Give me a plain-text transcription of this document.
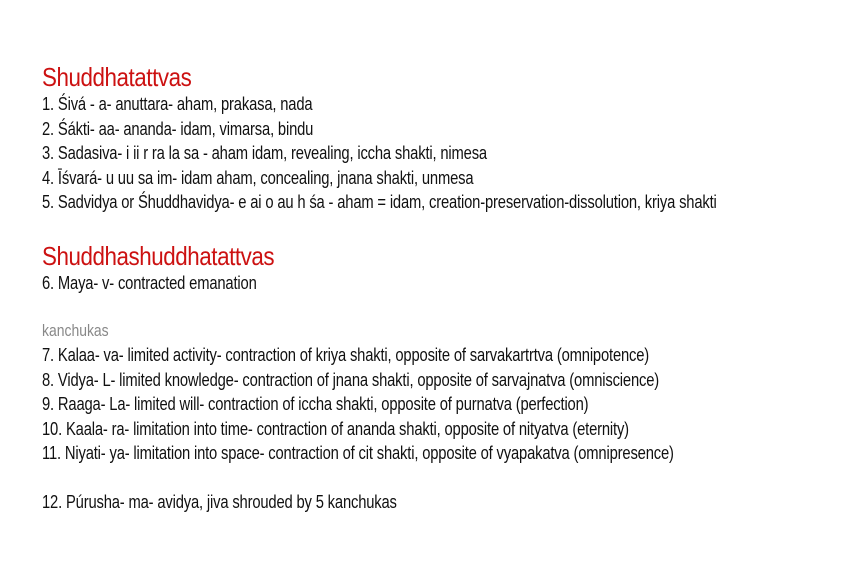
Shuddhatattvas

1. Śivá - a- anuttara- aham, prakasa, nada

2. Śákti- aa- ananda- idam, vimarsa, bindu

3. Sadasiva- i ii r ra la sa - aham idam, revealing, iccha shakti, nimesa

4. Īśvará- u uu sa im- idam aham, concealing, jnana shakti, unmesa

5. Sadvidya or Śhuddhavidya- e ai o au h śa - aham = idam, creation-preservation-dissolution, kriya shakti

Shuddhashuddhatattvas

6. Maya- v- contracted emanation

kanchukas

7. Kalaa- va- limited activity- contraction of kriya shakti, opposite of sarvakartrtva (omnipotence)

8. Vidya- L- limited knowledge- contraction of jnana shakti, opposite of sarvajnatva (omniscience)

9. Raaga- La- limited will- contraction of iccha shakti, opposite of purnatva (perfection)

10. Kaala- ra- limitation into time- contraction of ananda shakti, opposite of nityatva (eternity)

11. Niyati- ya- limitation into space- contraction of cit shakti, opposite of vyapakatva (omnipresence)

12. Púrusha- ma- avidya, jiva shrouded by 5 kanchukas
